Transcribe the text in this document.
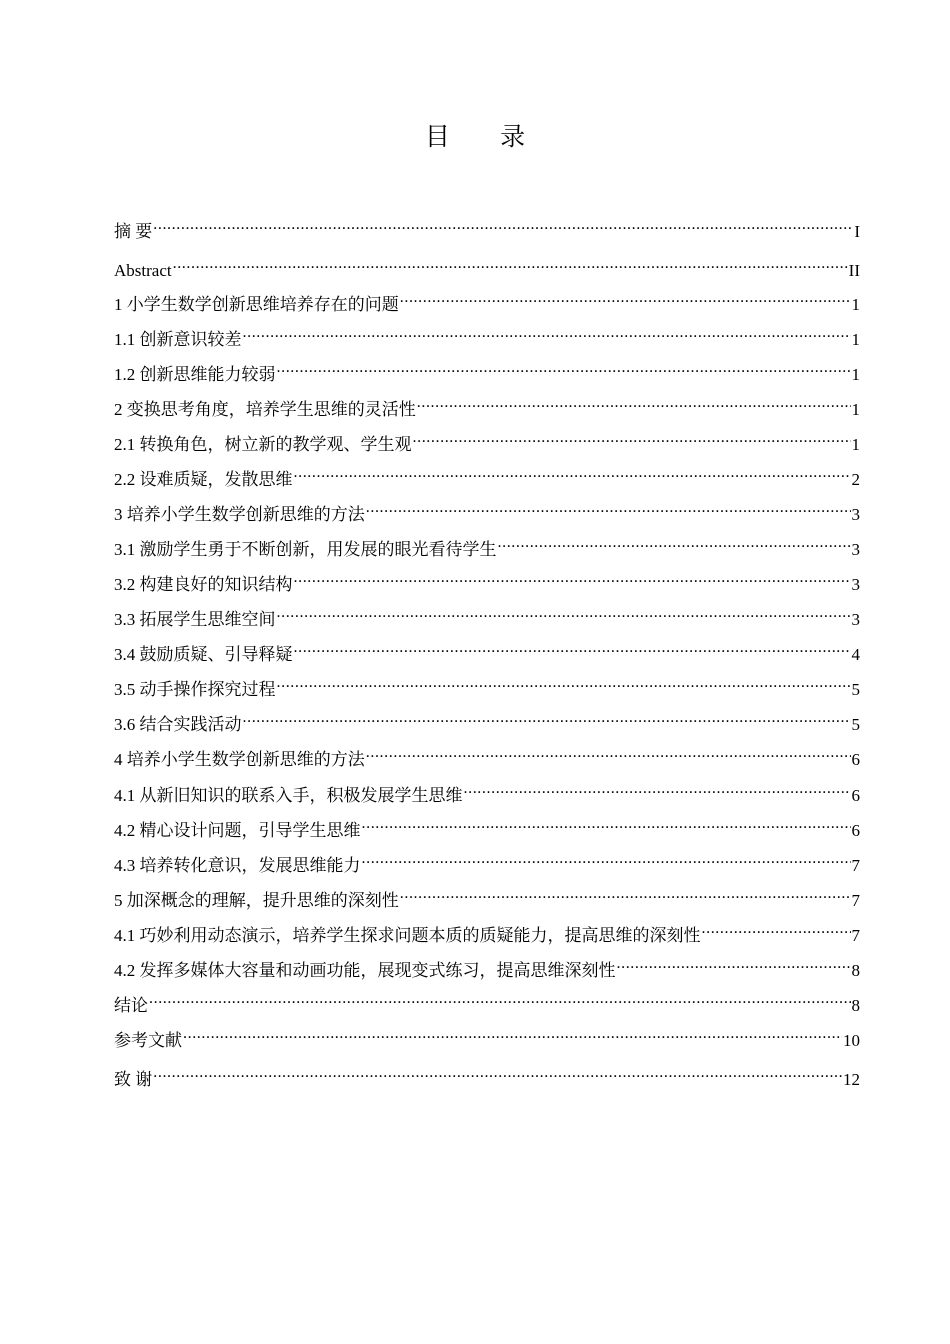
目 录
摘 要 .....	I
Abstract .....	II
1 小学生数学创新思维培养存在的问题 .....	1
1.1 创新意识较差 .....	1
1.2 创新思维能力较弱 .....	1
2 变换思考角度，培养学生思维的灵活性 .....	1
2.1 转换角色，树立新的教学观、学生观 .....	1
2.2 设难质疑，发散思维 .....	2
3 培养小学生数学创新思维的方法 .....	3
3.1 激励学生勇于不断创新，用发展的眼光看待学生 .....	3
3.2 构建良好的知识结构 .....	3
3.3 拓展学生思维空间 .....	3
3.4 鼓励质疑、引导释疑 .....	4
3.5 动手操作探究过程 .....	5
3.6 结合实践活动 .....	5
4 培养小学生数学创新思维的方法 .....	6
4.1 从新旧知识的联系入手，积极发展学生思维 .....	6
4.2 精心设计问题，引导学生思维 .....	6
4.3 培养转化意识，发展思维能力 .....	7
5 加深概念的理解，提升思维的深刻性 .....	7
4.1 巧妙利用动态演示，培养学生探求问题本质的质疑能力，提高思维的深刻性 .....	7
4.2 发挥多媒体大容量和动画功能，展现变式练习，提高思维深刻性 .....	8
结论 .....	8
参考文献 .....	10
致 谢 .....	12
